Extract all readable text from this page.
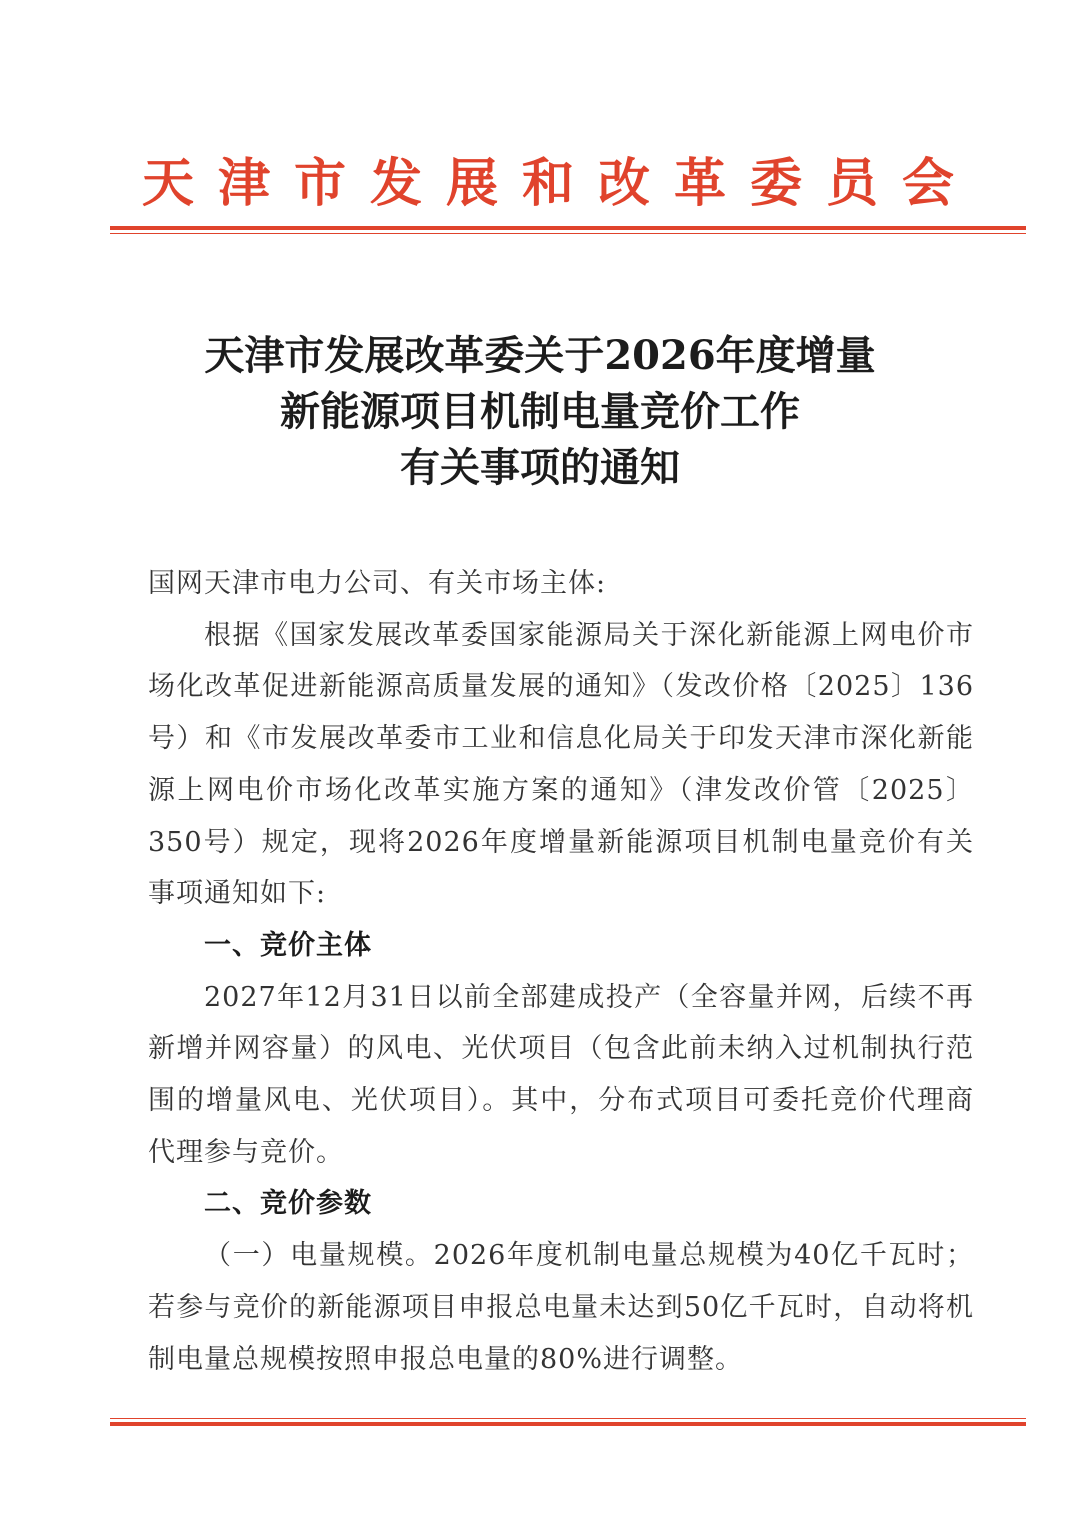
天津市发展和改革委员会
天津市发展改革委关于2026年度增量
新能源项目机制电量竞价工作
有关事项的通知

国网天津市电力公司、有关市场主体:

根据《国家发展改革委国家能源局关于深化新能源上网电价市场化改革促进新能源高质量发展的通知》（发改价格〔2025〕136号）和《市发展改革委市工业和信息化局关于印发天津市深化新能源上网电价市场化改革实施方案的通知》（津发改价管〔2025〕350号）规定，现将2026年度增量新能源项目机制电量竞价有关事项通知如下:

一、竞价主体

2027年12月31日以前全部建成投产（全容量并网，后续不再新增并网容量）的风电、光伏项目（包含此前未纳入过机制执行范围的增量风电、光伏项目）。其中，分布式项目可委托竞价代理商代理参与竞价。

二、竞价参数

（一）电量规模。2026年度机制电量总规模为40亿千瓦时；若参与竞价的新能源项目申报总电量未达到50亿千瓦时，自动将机制电量总规模按照申报总电量的80%进行调整。
